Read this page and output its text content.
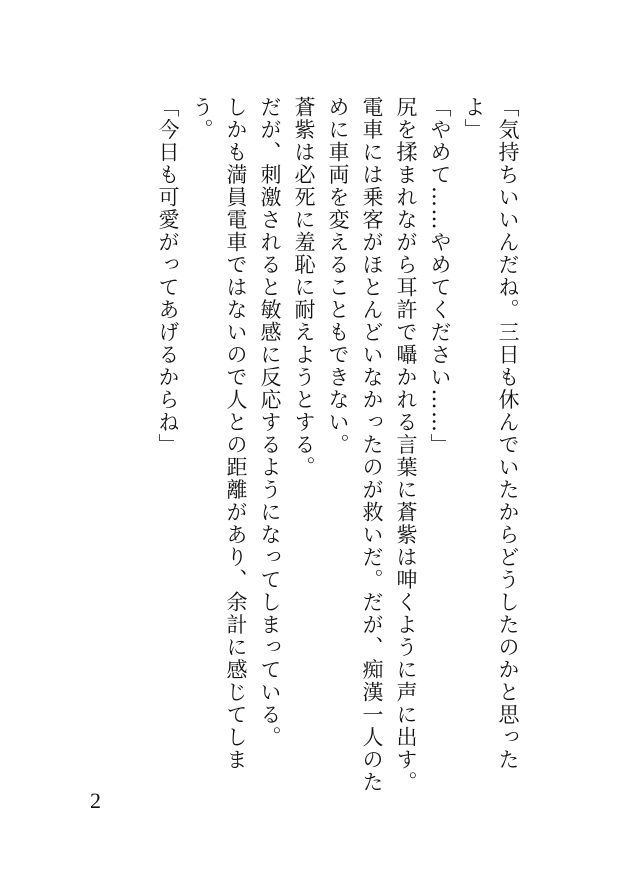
「気持ちいいんだね。三日も休んでいたからどうしたのかと思った
よ」
「やめて……やめてください……」
尻を揉まれながら耳許で囁かれる言葉に蒼紫は呻くように声に出す。
電車には乗客がほとんどいなかったのが救いだ。だが、痴漢一人のた
めに車両を変えることもできない。
蒼紫は必死に羞恥に耐えようとする。
だが、刺激されると敏感に反応するようになってしまっている。
しかも満員電車ではないので人との距離があり、余計に感じてしま
う。
「今日も可愛がってあげるからね」
2
